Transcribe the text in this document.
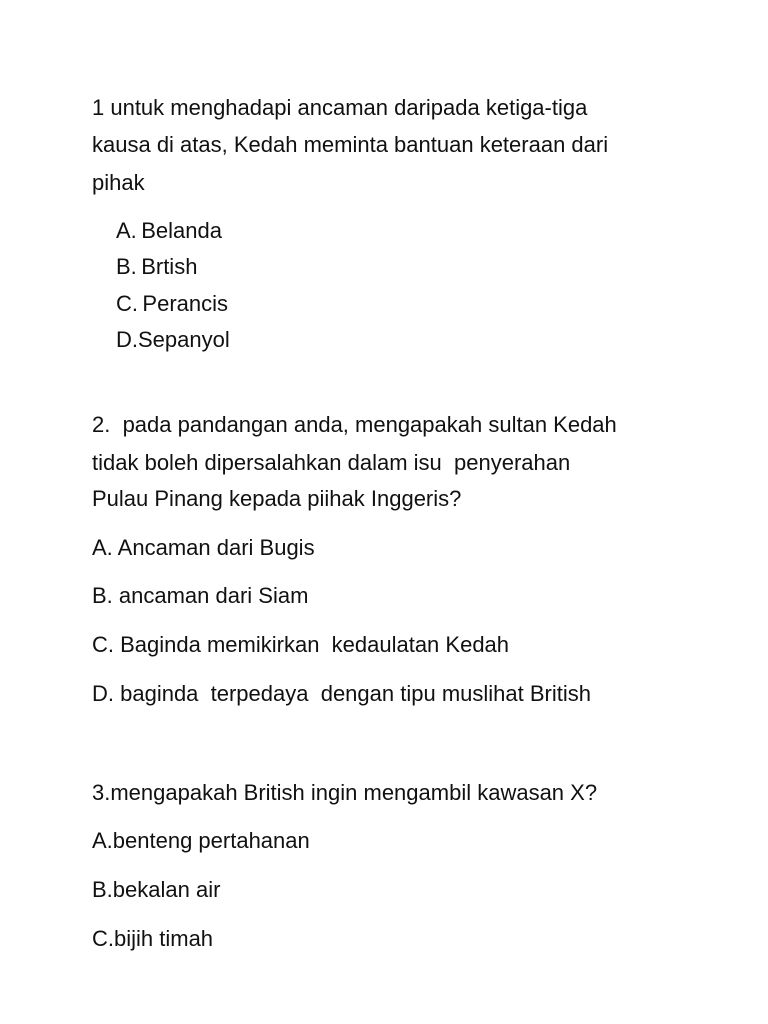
1 untuk menghadapi ancaman daripada ketiga-tiga
kausa di atas, Kedah meminta bantuan keteraan dari
pihak
A. Belanda
B. Brtish
C. Perancis
D.Sepanyol
2.  pada pandangan anda, mengapakah sultan Kedah
tidak boleh dipersalahkan dalam isu  penyerahan
Pulau Pinang kepada piihak Inggeris?
A. Ancaman dari Bugis
B. ancaman dari Siam
C. Baginda memikirkan  kedaulatan Kedah
D. baginda  terpedaya  dengan tipu muslihat British
3.mengapakah British ingin mengambil kawasan X?
A.benteng pertahanan
B.bekalan air
C.bijih timah
